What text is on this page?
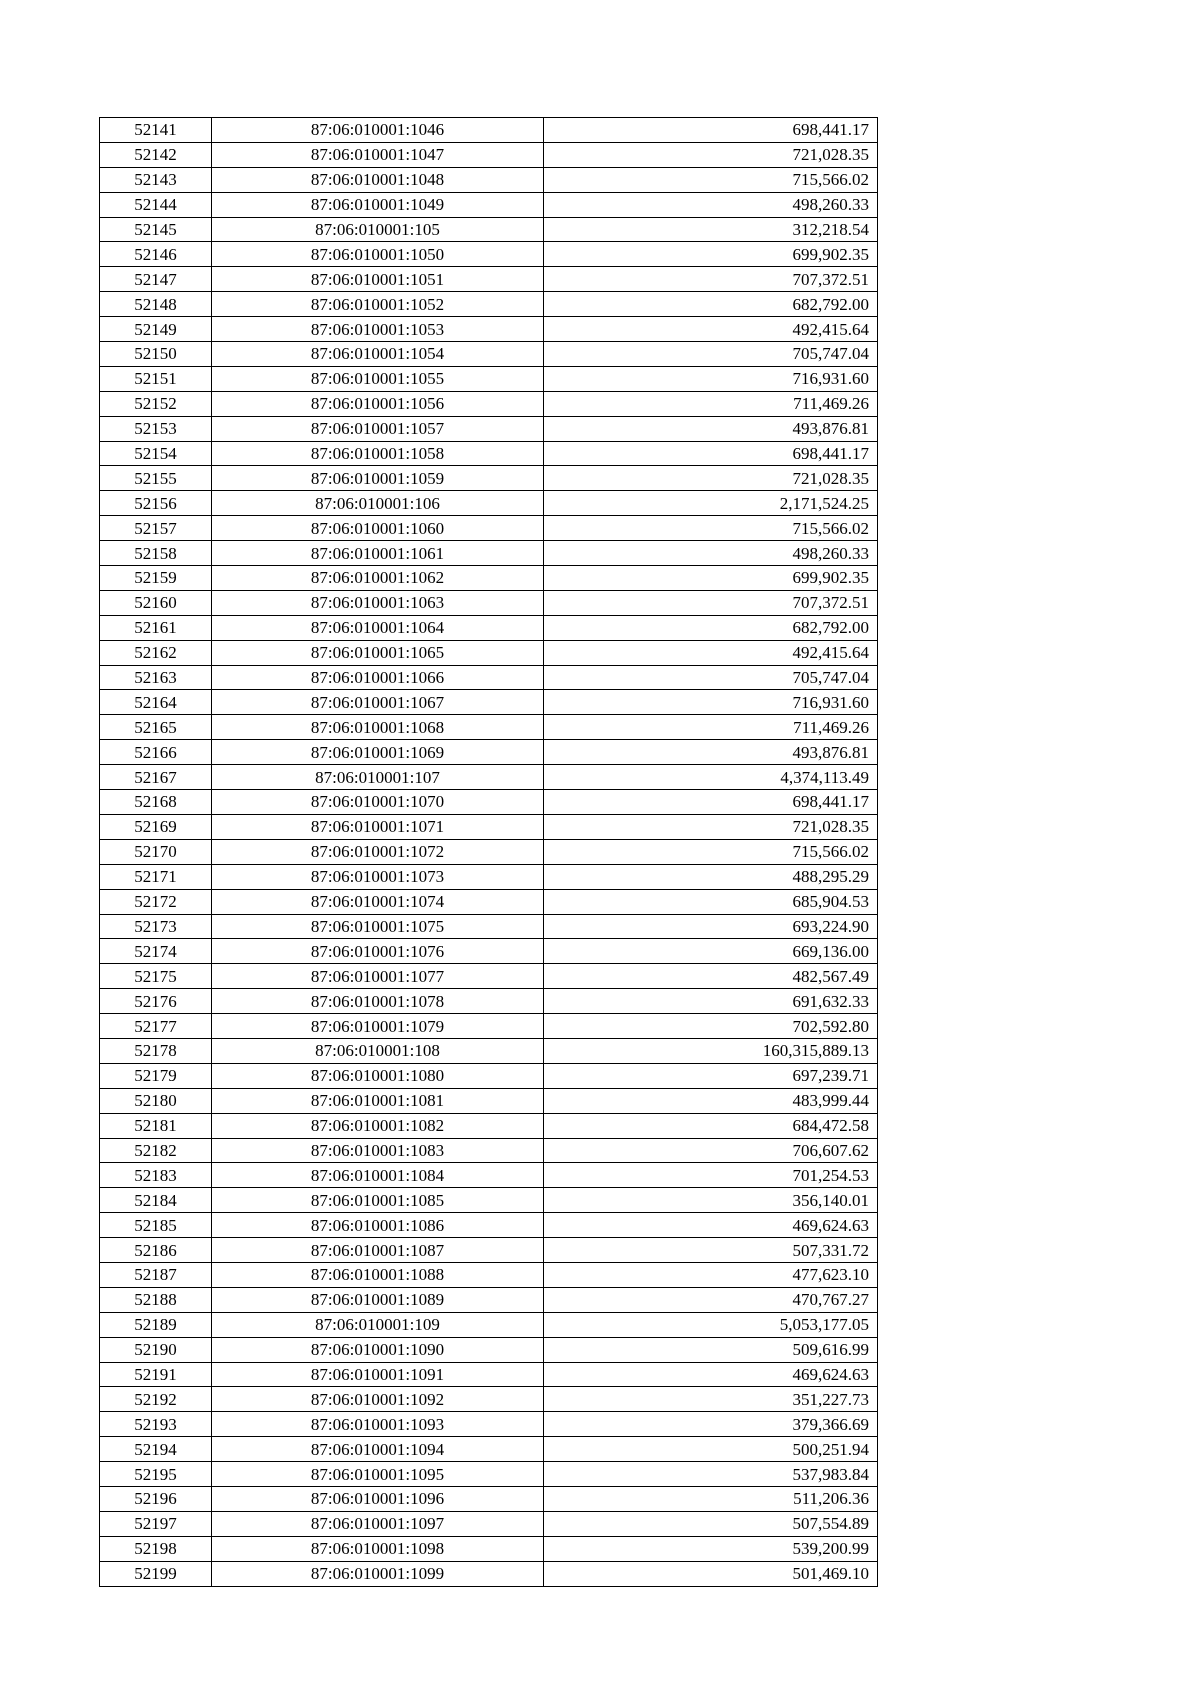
52141	87:06:010001:1046	698,441.17
52142	87:06:010001:1047	721,028.35
52143	87:06:010001:1048	715,566.02
52144	87:06:010001:1049	498,260.33
52145	87:06:010001:105	312,218.54
52146	87:06:010001:1050	699,902.35
52147	87:06:010001:1051	707,372.51
52148	87:06:010001:1052	682,792.00
52149	87:06:010001:1053	492,415.64
52150	87:06:010001:1054	705,747.04
52151	87:06:010001:1055	716,931.60
52152	87:06:010001:1056	711,469.26
52153	87:06:010001:1057	493,876.81
52154	87:06:010001:1058	698,441.17
52155	87:06:010001:1059	721,028.35
52156	87:06:010001:106	2,171,524.25
52157	87:06:010001:1060	715,566.02
52158	87:06:010001:1061	498,260.33
52159	87:06:010001:1062	699,902.35
52160	87:06:010001:1063	707,372.51
52161	87:06:010001:1064	682,792.00
52162	87:06:010001:1065	492,415.64
52163	87:06:010001:1066	705,747.04
52164	87:06:010001:1067	716,931.60
52165	87:06:010001:1068	711,469.26
52166	87:06:010001:1069	493,876.81
52167	87:06:010001:107	4,374,113.49
52168	87:06:010001:1070	698,441.17
52169	87:06:010001:1071	721,028.35
52170	87:06:010001:1072	715,566.02
52171	87:06:010001:1073	488,295.29
52172	87:06:010001:1074	685,904.53
52173	87:06:010001:1075	693,224.90
52174	87:06:010001:1076	669,136.00
52175	87:06:010001:1077	482,567.49
52176	87:06:010001:1078	691,632.33
52177	87:06:010001:1079	702,592.80
52178	87:06:010001:108	160,315,889.13
52179	87:06:010001:1080	697,239.71
52180	87:06:010001:1081	483,999.44
52181	87:06:010001:1082	684,472.58
52182	87:06:010001:1083	706,607.62
52183	87:06:010001:1084	701,254.53
52184	87:06:010001:1085	356,140.01
52185	87:06:010001:1086	469,624.63
52186	87:06:010001:1087	507,331.72
52187	87:06:010001:1088	477,623.10
52188	87:06:010001:1089	470,767.27
52189	87:06:010001:109	5,053,177.05
52190	87:06:010001:1090	509,616.99
52191	87:06:010001:1091	469,624.63
52192	87:06:010001:1092	351,227.73
52193	87:06:010001:1093	379,366.69
52194	87:06:010001:1094	500,251.94
52195	87:06:010001:1095	537,983.84
52196	87:06:010001:1096	511,206.36
52197	87:06:010001:1097	507,554.89
52198	87:06:010001:1098	539,200.99
52199	87:06:010001:1099	501,469.10
